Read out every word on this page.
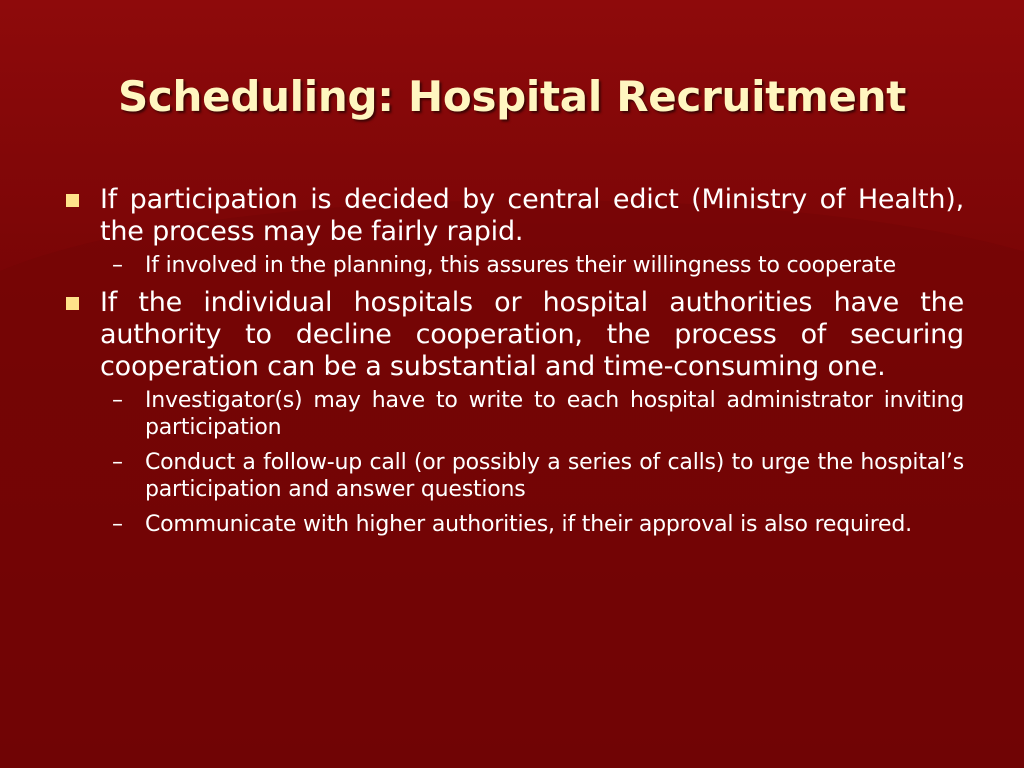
Scheduling: Hospital Recruitment
If participation is decided by central edict (Ministry of Health), the process may be fairly rapid.
– If involved in the planning, this assures their willingness to cooperate
If the individual hospitals or hospital authorities have the authority to decline cooperation, the process of securing cooperation can be a substantial and time-consuming one.
– Investigator(s) may have to write to each hospital administrator inviting participation
– Conduct a follow-up call (or possibly a series of calls) to urge the hospital’s participation and answer questions
– Communicate with higher authorities, if their approval is also required.
